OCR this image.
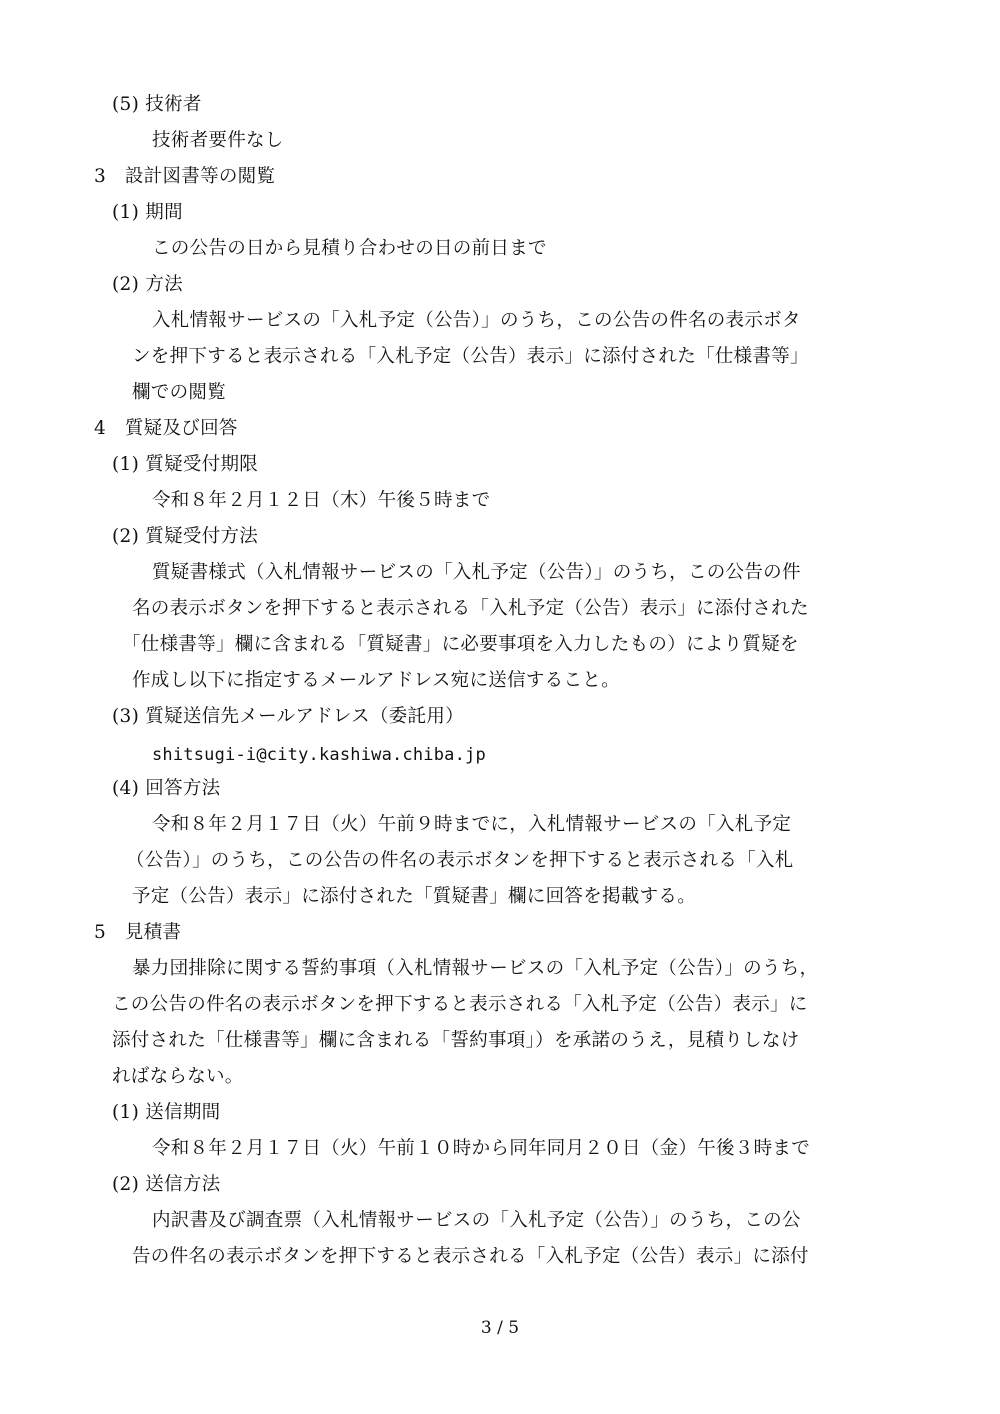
(5) 技術者
技術者要件なし
3　設計図書等の閲覧
(1) 期間
この公告の日から見積り合わせの日の前日まで
(2) 方法
入札情報サービスの「入札予定（公告）」のうち，この公告の件名の表示ボタ
ンを押下すると表示される「入札予定（公告）表示」に添付された「仕様書等」
欄での閲覧
4　質疑及び回答
(1) 質疑受付期限
令和８年２月１２日（木）午後５時まで
(2) 質疑受付方法
質疑書様式（入札情報サービスの「入札予定（公告）」のうち，この公告の件
名の表示ボタンを押下すると表示される「入札予定（公告）表示」に添付された
「仕様書等」欄に含まれる「質疑書」に必要事項を入力したもの）により質疑を
作成し以下に指定するメールアドレス宛に送信すること。
(3) 質疑送信先メールアドレス（委託用）
shitsugi-i@city.kashiwa.chiba.jp
(4) 回答方法
令和８年２月１７日（火）午前９時までに，入札情報サービスの「入札予定
（公告）」のうち，この公告の件名の表示ボタンを押下すると表示される「入札
予定（公告）表示」に添付された「質疑書」欄に回答を掲載する。
5　見積書
暴力団排除に関する誓約事項（入札情報サービスの「入札予定（公告）」のうち，
この公告の件名の表示ボタンを押下すると表示される「入札予定（公告）表示」に
添付された「仕様書等」欄に含まれる「誓約事項」）を承諾のうえ，見積りしなけ
ればならない。
(1) 送信期間
令和８年２月１７日（火）午前１０時から同年同月２０日（金）午後３時まで
(2) 送信方法
内訳書及び調査票（入札情報サービスの「入札予定（公告）」のうち，この公
告の件名の表示ボタンを押下すると表示される「入札予定（公告）表示」に添付
3 / 5
